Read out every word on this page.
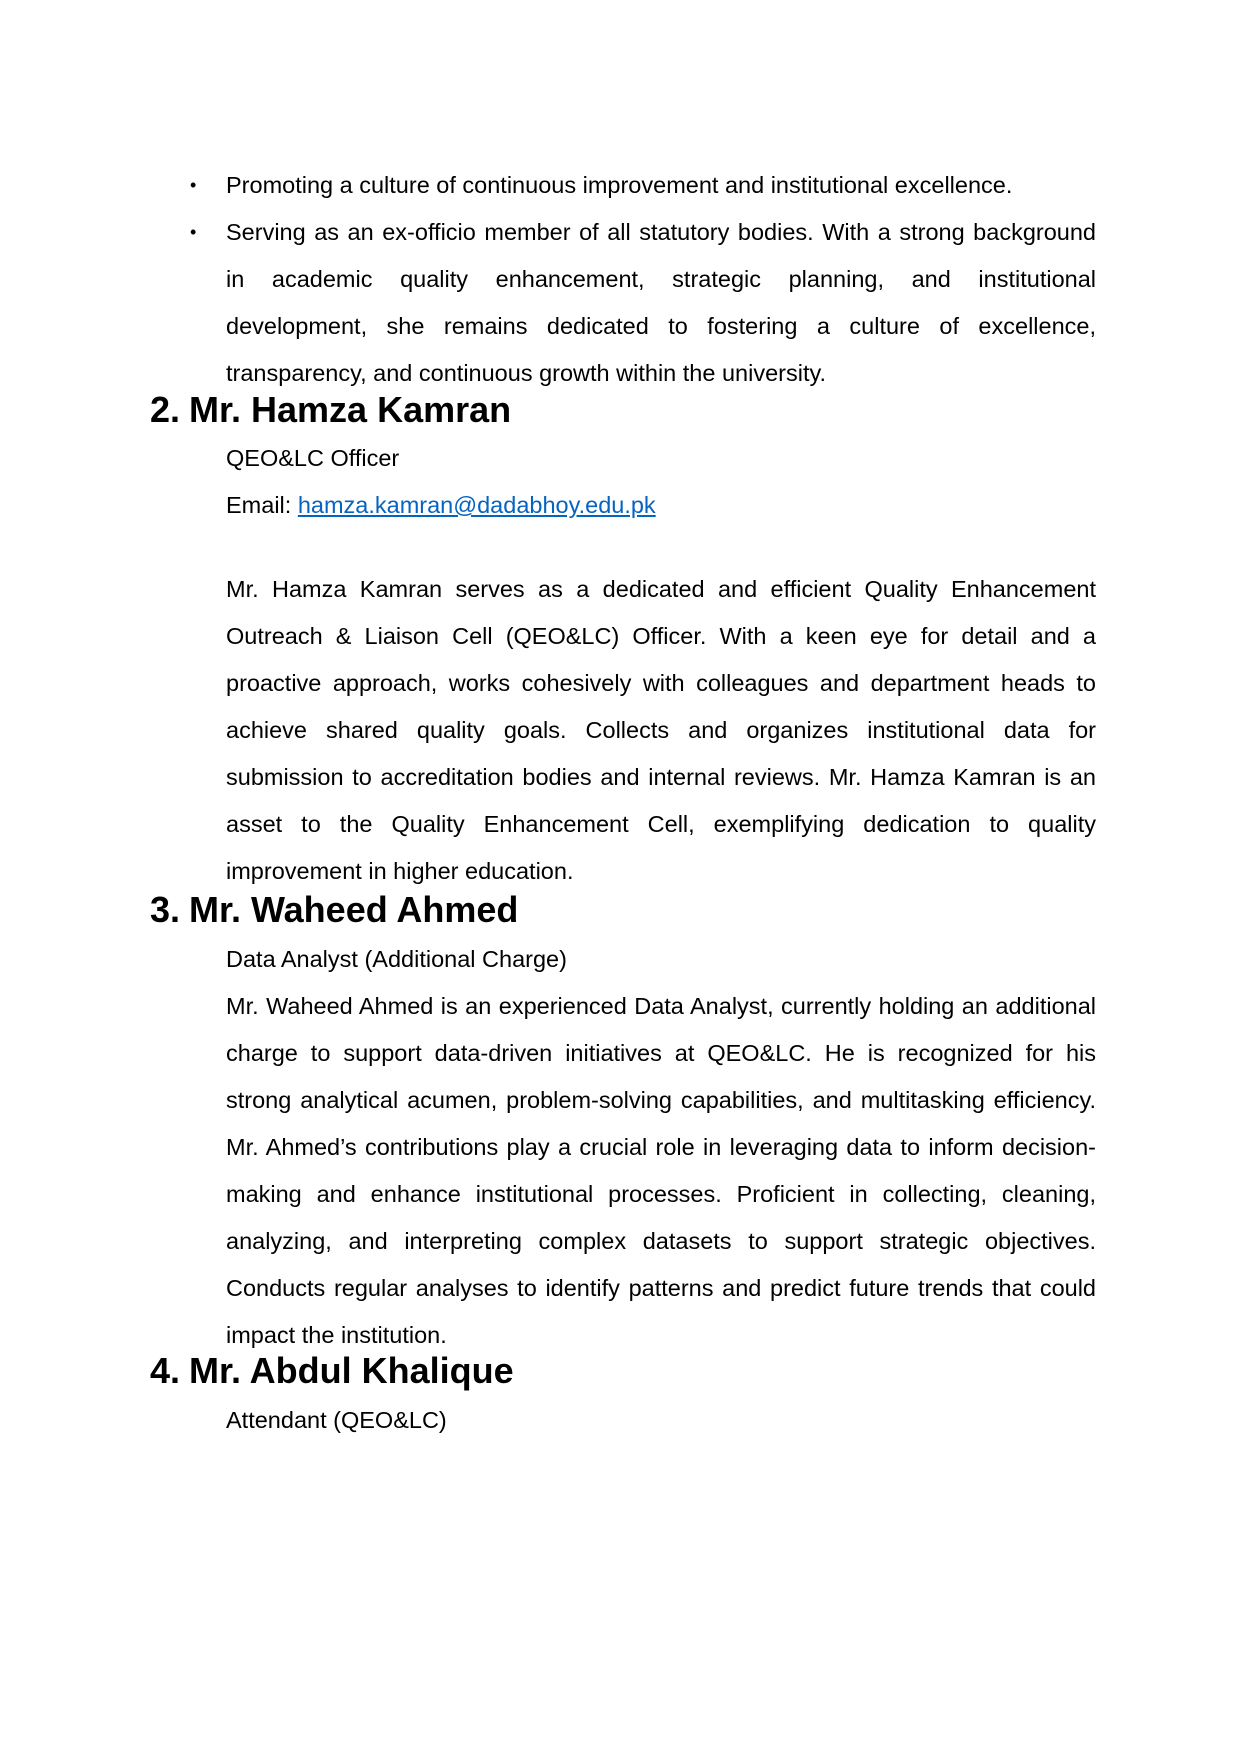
• Promoting a culture of continuous improvement and institutional excellence.
• Serving as an ex-officio member of all statutory bodies. With a strong background in academic quality enhancement, strategic planning, and institutional development, she remains dedicated to fostering a culture of excellence, transparency, and continuous growth within the university.
2. Mr. Hamza Kamran

QEO&LC Officer

Email: hamza.kamran@dadabhoy.edu.pk

Mr. Hamza Kamran serves as a dedicated and efficient Quality Enhancement Outreach & Liaison Cell (QEO&LC) Officer. With a keen eye for detail and a proactive approach, works cohesively with colleagues and department heads to achieve shared quality goals. Collects and organizes institutional data for submission to accreditation bodies and internal reviews. Mr. Hamza Kamran is an asset to the Quality Enhancement Cell, exemplifying dedication to quality improvement in higher education.

3. Mr. Waheed Ahmed

Data Analyst (Additional Charge)

Mr. Waheed Ahmed is an experienced Data Analyst, currently holding an additional charge to support data-driven initiatives at QEO&LC. He is recognized for his strong analytical acumen, problem-solving capabilities, and multitasking efficiency. Mr. Ahmed’s contributions play a crucial role in leveraging data to inform decision-making and enhance institutional processes. Proficient in collecting, cleaning, analyzing, and interpreting complex datasets to support strategic objectives. Conducts regular analyses to identify patterns and predict future trends that could impact the institution.

4. Mr. Abdul Khalique

Attendant (QEO&LC)
